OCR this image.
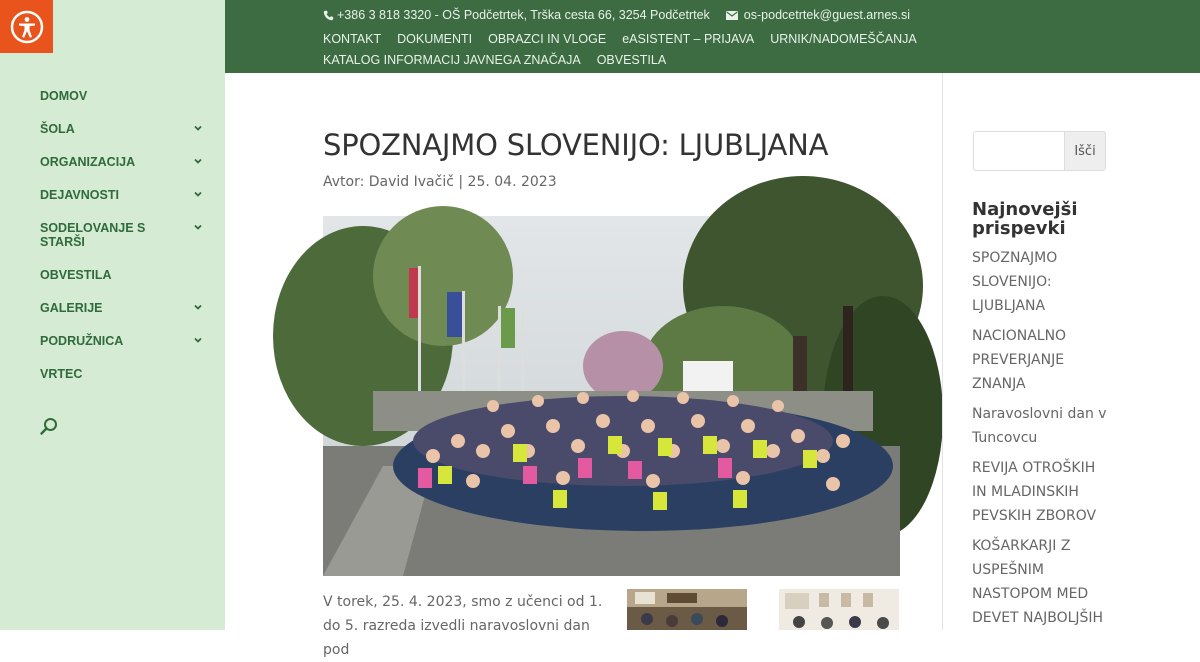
DOMOV
ŠOLA
ORGANIZACIJA
DEJAVNOSTI
SODELOVANJE S STARŠI
OBVESTILA
GALERIJE
PODRUŽNICA
VRTEC
+386 3 818 3320 - OŠ Podčetrtek, Trška cesta 66, 3254 Podčetrtek	os-podcetrtek@guest.arnes.si
KONTAKT DOKUMENTI OBRAZCI IN VLOGE eASISTENT – PRIJAVA URNIK/NADOMEŠČANJAKATALOG INFORMACIJ JAVNEGA ZNAČAJA OBVESTILA
SPOZNAJMO SLOVENIJO: LJUBLJANA
Avtor: David Ivačič | 25. 04. 2023

V torek, 25. 4. 2023, smo z učenci od 1. do 5. razreda izvedli naravoslovni dan pod

Išči
Najnovejši prispevki
SPOZNAJMO SLOVENIJO: LJUBLJANA
NACIONALNO PREVERJANJE ZNANJA
Naravoslovni dan v Tuncovcu
REVIJA OTROŠKIH IN MLADINSKIH PEVSKIH ZBOROV
KOŠARKARJI Z USPEŠNIM NASTOPOM MED DEVET NAJBOLJŠIH
